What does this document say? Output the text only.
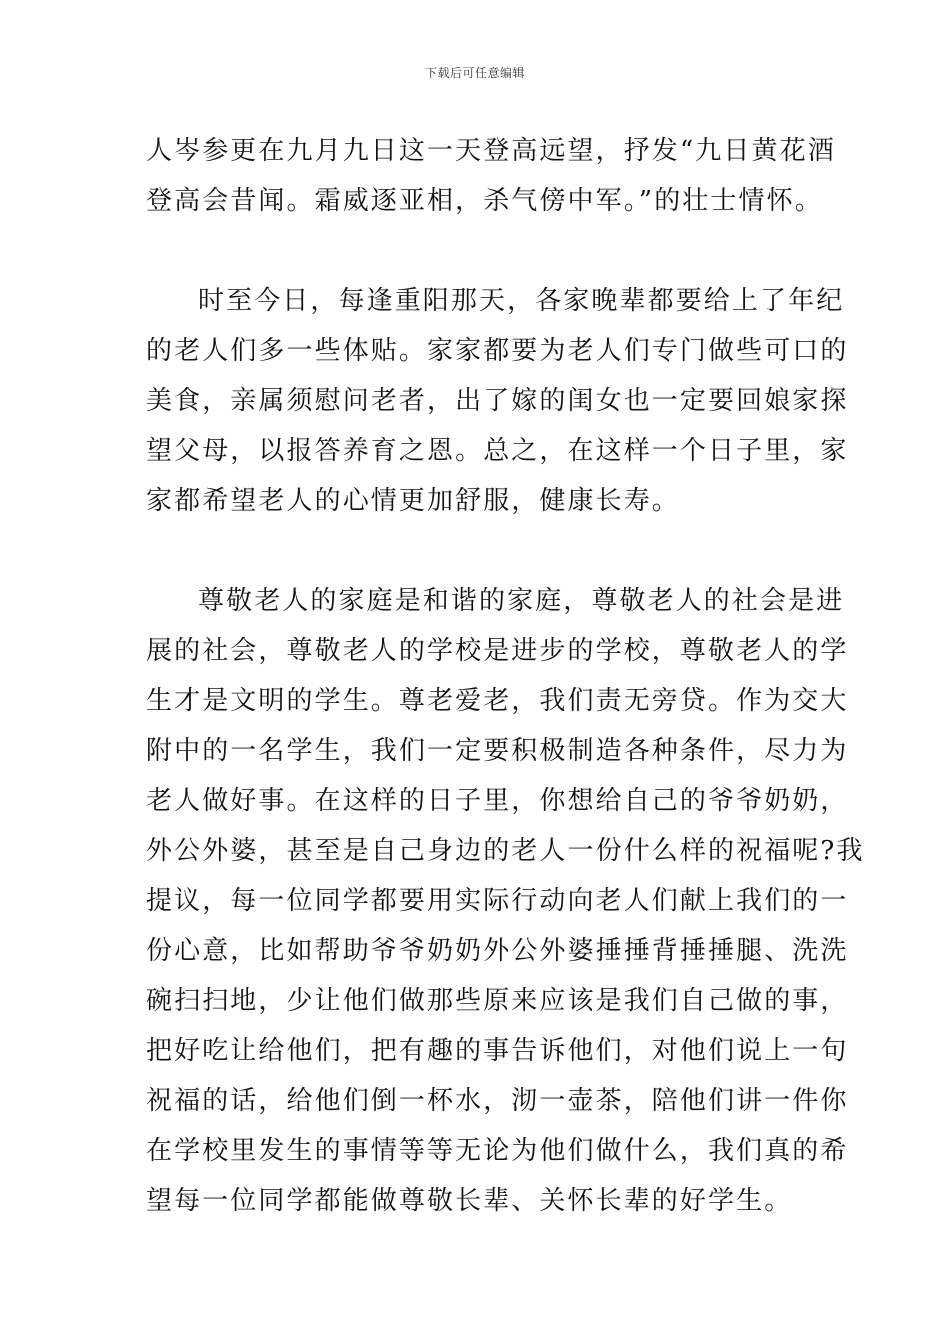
下载后可任意编辑
人岑参更在九月九日这一天登高远望，抒发“九日黄花酒
登高会昔闻。霜威逐亚相，杀气傍中军。”的壮士情怀。
时至今日，每逢重阳那天，各家晚辈都要给上了年纪
的老人们多一些体贴。家家都要为老人们专门做些可口的
美食，亲属须慰问老者，出了嫁的闺女也一定要回娘家探
望父母，以报答养育之恩。总之，在这样一个日子里，家
家都希望老人的心情更加舒服，健康长寿。
尊敬老人的家庭是和谐的家庭，尊敬老人的社会是进
展的社会，尊敬老人的学校是进步的学校，尊敬老人的学
生才是文明的学生。尊老爱老，我们责无旁贷。作为交大
附中的一名学生，我们一定要积极制造各种条件，尽力为
老人做好事。在这样的日子里，你想给自己的爷爷奶奶，
外公外婆，甚至是自己身边的老人一份什么样的祝福呢?我
提议，每一位同学都要用实际行动向老人们献上我们的一
份心意，比如帮助爷爷奶奶外公外婆捶捶背捶捶腿、洗洗
碗扫扫地，少让他们做那些原来应该是我们自己做的事，
把好吃让给他们，把有趣的事告诉他们，对他们说上一句
祝福的话，给他们倒一杯水，沏一壶茶，陪他们讲一件你
在学校里发生的事情等等无论为他们做什么，我们真的希
望每一位同学都能做尊敬长辈、关怀长辈的好学生。
